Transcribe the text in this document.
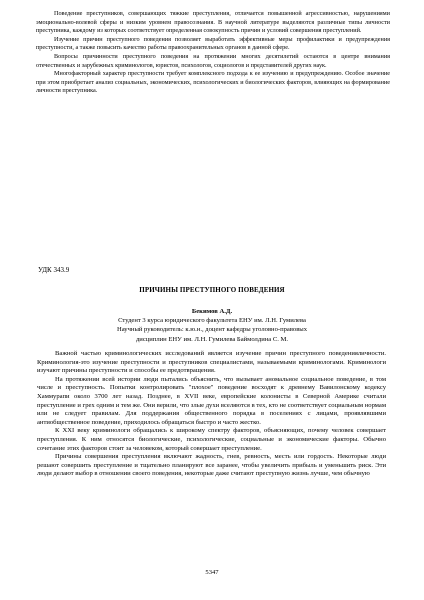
Поведение преступников, совершающих тяжкие преступления, отличается повышенной агрессивностью, нарушениями эмоционально-волевой сферы и низким уровнем правосознания. В научной литературе выделяются различные типы личности преступника, каждому из которых соответствует определенная совокупность причин и условий совершения преступлений.

Изучение причин преступного поведения позволяет выработать эффективные меры профилактики и предупреждения преступности, а также повысить качество работы правоохранительных органов в данной сфере.

Вопросы причинности преступного поведения на протяжении многих десятилетий остаются в центре внимания отечественных и зарубежных криминологов, юристов, психологов, социологов и представителей других наук.

Многофакторный характер преступности требует комплексного подхода к ее изучению и предупреждению. Особое значение при этом приобретает анализ социальных, экономических, психологических и биологических факторов, влияющих на формирование личности преступника.

УДК 343.9
ПРИЧИНЫ ПРЕСТУПНОГО ПОВЕДЕНИЯ
Бекимов А.Д.
Студент 3 курса юридического факультета ЕНУ им. Л.Н. Гумилева
Научный руководитель: к.ю.н., доцент кафедры уголовно-правовых
дисциплин ЕНУ им. Л.Н. Гумилева Баймолдина С. М.

Важной частью криминологических исследований является изучение причин преступного поведенияличности. Криминология-это изучение преступности и преступников специалистами, называемыми криминологами. Криминологи изучают причины преступности и способы ее предотвращения.

На протяжении всей истории люди пытались объяснить, что вызывает аномальное социальное поведение, в том числе и преступность. Попытки контролировать "плохое" поведение восходят к древнему Вавилонскому кодексу Хаммурапи около 3700 лет назад. Позднее, в XVII веке, европейские колонисты в Северной Америке считали преступление и грех одним и тем же. Они верили, что злые духи вселяются в тех, кто не соответствует социальным нормам или не следует правилам. Для поддержания общественного порядка в поселениях с лицами, проявлявшими антиобщественное поведение, приходилось обращаться быстро и часто жестко.

К XXI веку криминологи обращались к широкому спектру факторов, объясняющих, почему человек совершает преступления. К ним относятся биологические, психологические, социальные и экономические факторы. Обычно сочетание этих факторов стоит за человеком, который совершает преступление.

Причины совершения преступления включают жадность, гнев, ревность, месть или гордость. Некоторые люди решают совершить преступление и тщательно планируют все заранее, чтобы увеличить прибыль и уменьшить риск. Эти люди делают выбор в отношении своего поведения, некоторые даже считают преступную жизнь лучше, чем обычную

5347
